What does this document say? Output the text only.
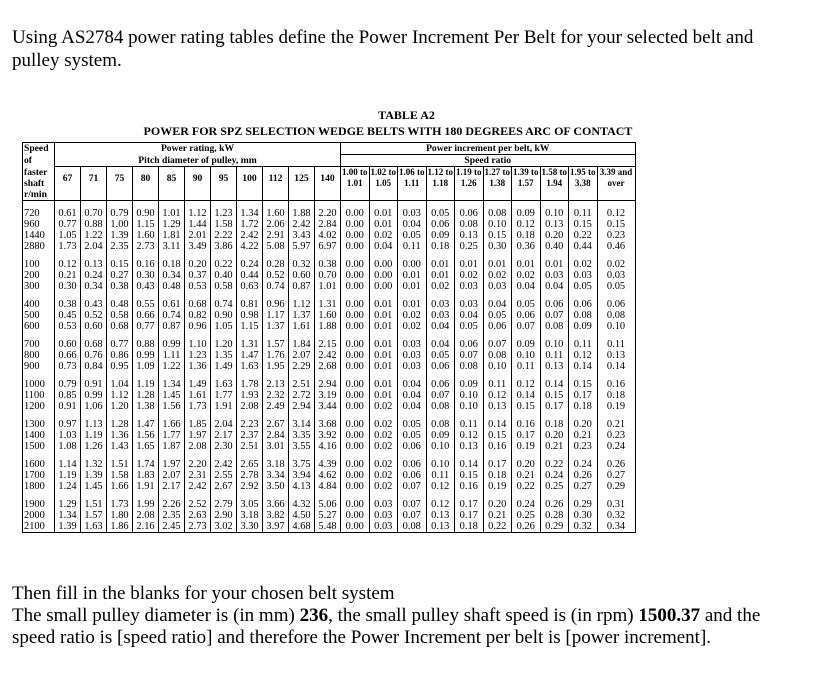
Using AS2784 power rating tables define the Power Increment Per Belt for your selected belt and pulley system.

TABLE A2
POWER FOR SPZ SELECTION WEDGE BELTS WITH 180 DEGREES ARC OF CONTACT
Speed	Power rating, kW											Power increment per belt, kW									
of	Pitch diameter of pulley, mm											Speed ratio									
faster	67	71	75	80	85	90	95	100	112	125	140	1.00 to	1.02 to	1.06 to	1.12 to	1.19 to	1.27 to	1.39 to	1.58 to	1.95 to	3.39 and
shaft												1.01	1.05	1.11	1.18	1.26	1.38	1.57	1.94	3.38	over
r/min																					

720	0.61	0.70	0.79	0.90	1.01	1.12	1.23	1.34	1.60	1.88	2.20	0.00	0.01	0.03	0.05	0.06	0.08	0.09	0.10	0.11	0.12
960	0.77	0.88	1.00	1.15	1.29	1.44	1.58	1.72	2.06	2.42	2.84	0.00	0.01	0.04	0.06	0.08	0.10	0.12	0.13	0.15	0.15
1440	1.05	1.22	1.39	1.60	1.81	2.01	2.22	2.42	2.91	3.43	4.02	0.00	0.02	0.05	0.09	0.13	0.15	0.18	0.20	0.22	0.23
2880	1.73	2.04	2.35	2.73	3.11	3.49	3.86	4.22	5.08	5.97	6.97	0.00	0.04	0.11	0.18	0.25	0.30	0.36	0.40	0.44	0.46

100	0.12	0.13	0.15	0.16	0.18	0.20	0.22	0.24	0.28	0.32	0.38	0.00	0.00	0.00	0.01	0.01	0.01	0.01	0.01	0.02	0.02
200	0.21	0.24	0.27	0.30	0.34	0.37	0.40	0.44	0.52	0.60	0.70	0.00	0.00	0.01	0.01	0.02	0.02	0.02	0.03	0.03	0.03
300	0.30	0.34	0.38	0.43	0.48	0.53	0.58	0.63	0.74	0.87	1.01	0.00	0.00	0.01	0.02	0.03	0.03	0.04	0.04	0.05	0.05

400	0.38	0.43	0.48	0.55	0.61	0.68	0.74	0.81	0.96	1.12	1.31	0.00	0.01	0.01	0.03	0.03	0.04	0.05	0.06	0.06	0.06
500	0.45	0.52	0.58	0.66	0.74	0.82	0.90	0.98	1.17	1.37	1.60	0.00	0.01	0.02	0.03	0.04	0.05	0.06	0.07	0.08	0.08
600	0.53	0.60	0.68	0.77	0.87	0.96	1.05	1.15	1.37	1.61	1.88	0.00	0.01	0.02	0.04	0.05	0.06	0.07	0.08	0.09	0.10

700	0.60	0.68	0.77	0.88	0.99	1.10	1.20	1.31	1.57	1.84	2.15	0.00	0.01	0.03	0.04	0.06	0.07	0.09	0.10	0.11	0.11
800	0.66	0.76	0.86	0.99	1.11	1.23	1.35	1.47	1.76	2.07	2.42	0.00	0.01	0.03	0.05	0.07	0.08	0.10	0.11	0.12	0.13
900	0.73	0.84	0.95	1.09	1.22	1.36	1.49	1.63	1.95	2.29	2.68	0.00	0.01	0.03	0.06	0.08	0.10	0.11	0.13	0.14	0.14

1000	0.79	0.91	1.04	1.19	1.34	1.49	1.63	1.78	2.13	2.51	2.94	0.00	0.01	0.04	0.06	0.09	0.11	0.12	0.14	0.15	0.16
1100	0.85	0.99	1.12	1.28	1.45	1.61	1.77	1.93	2.32	2.72	3.19	0.00	0.01	0.04	0.07	0.10	0.12	0.14	0.15	0.17	0.18
1200	0.91	1.06	1.20	1.38	1.56	1.73	1.91	2.08	2.49	2.94	3.44	0.00	0.02	0.04	0.08	0.10	0.13	0.15	0.17	0.18	0.19

1300	0.97	1.13	1.28	1.47	1.66	1.85	2.04	2.23	2.67	3.14	3.68	0.00	0.02	0.05	0.08	0.11	0.14	0.16	0.18	0.20	0.21
1400	1.03	1.19	1.36	1.56	1.77	1.97	2.17	2.37	2.84	3.35	3.92	0.00	0.02	0.05	0.09	0.12	0.15	0.17	0.20	0.21	0.23
1500	1.08	1.26	1.43	1.65	1.87	2.08	2.30	2.51	3.01	3.55	4.16	0.00	0.02	0.06	0.10	0.13	0.16	0.19	0.21	0.23	0.24

1600	1.14	1.32	1.51	1.74	1.97	2.20	2.42	2.65	3.18	3.75	4.39	0.00	0.02	0.06	0.10	0.14	0.17	0.20	0.22	0.24	0.26
1700	1.19	1.39	1.58	1.83	2.07	2.31	2.55	2.78	3.34	3.94	4.62	0.00	0.02	0.06	0.11	0.15	0.18	0.21	0.24	0.26	0.27
1800	1.24	1.45	1.66	1.91	2.17	2.42	2.67	2.92	3.50	4.13	4.84	0.00	0.02	0.07	0.12	0.16	0.19	0.22	0.25	0.27	0.29

1900	1.29	1.51	1.73	1.99	2.26	2.52	2.79	3.05	3.66	4.32	5.06	0.00	0.03	0.07	0.12	0.17	0.20	0.24	0.26	0.29	0.31
2000	1.34	1.57	1.80	2.08	2.35	2.63	2.90	3.18	3.82	4.50	5.27	0.00	0.03	0.07	0.13	0.17	0.21	0.25	0.28	0.30	0.32
2100	1.39	1.63	1.86	2.16	2.45	2.73	3.02	3.30	3.97	4.68	5.48	0.00	0.03	0.08	0.13	0.18	0.22	0.26	0.29	0.32	0.34
Then fill in the blanks for your chosen belt system
The small pulley diameter is (in mm) 236, the small pulley shaft speed is (in rpm) 1500.37 and the speed ratio is [speed ratio] and therefore the Power Increment per belt is [power increment].
